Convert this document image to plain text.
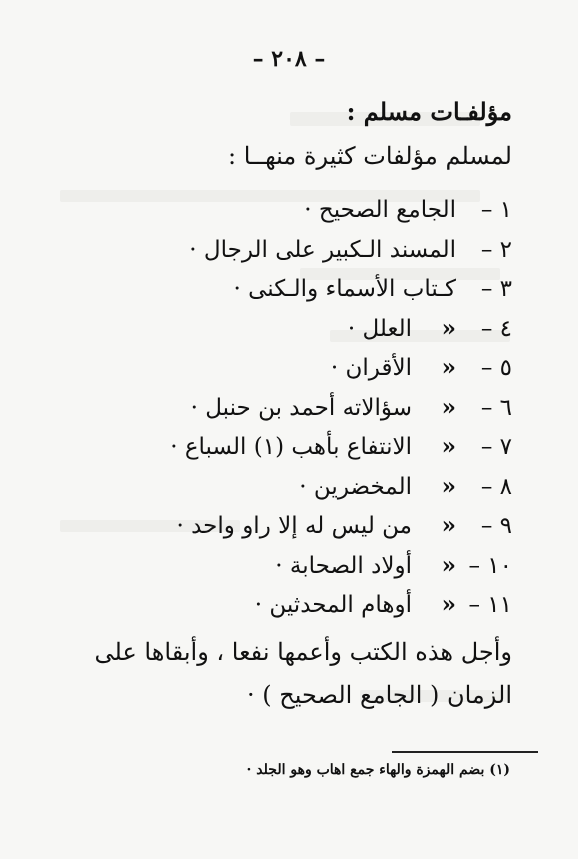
– ٢٠٨ –
مؤلفـات مسلم :
لمسلم مؤلفات كثيرة منهــا :
١ –
الجامع الصحيح ·
٢ –
المسند الـكبير على الرجال ·
٣ –
كـتاب الأسماء والـكنى ·
٤ –
«
العلل ·
٥ –
«
الأقران ·
٦ –
«
سؤالاته أحمد بن حنبل ·
٧ –
«
الانتفاع بأهب (١) السباع ·
٨ –
«
المخضرين ·
٩ –
«
من ليس له إلا راو واحد ·
١٠ –
«
أولاد الصحابة ·
١١ –
«
أوهام المحدثين ·
وأجل هذه الكتب وأعمها نفعا ، وأبقاها على الزمان ( الجامع الصحيح ) ·
(١) بضم الهمزة والهاء جمع اهاب وهو الجلد ·
